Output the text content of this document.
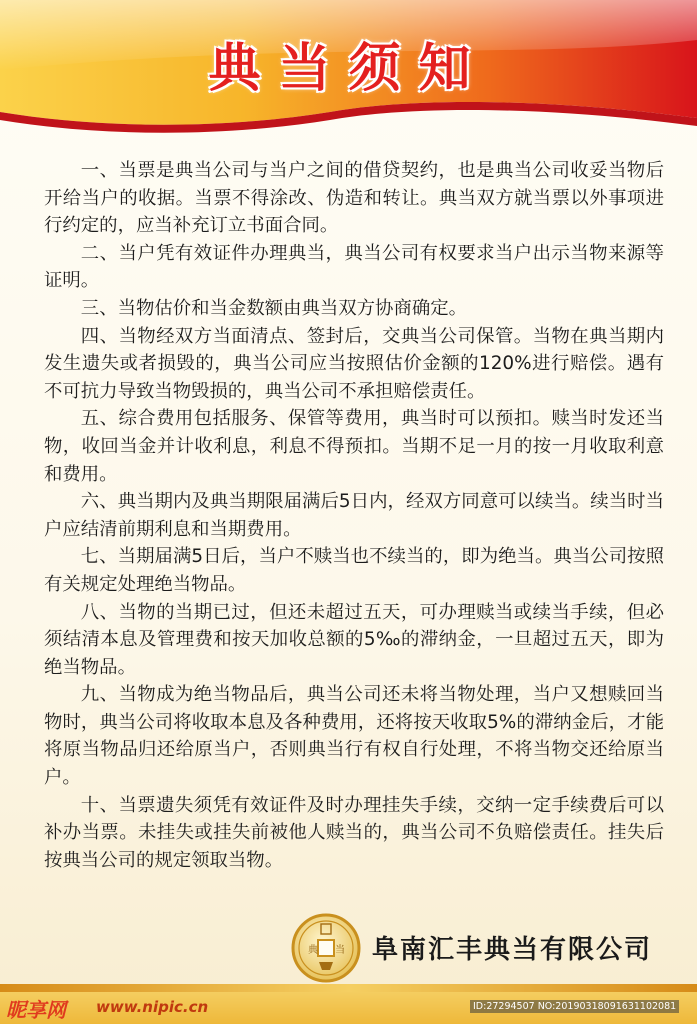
典当须知

一、当票是典当公司与当户之间的借贷契约，也是典当公司收妥当物后开给当户的收据。当票不得涂改、伪造和转让。典当双方就当票以外事项进行约定的，应当补充订立书面合同。

二、当户凭有效证件办理典当，典当公司有权要求当户出示当物来源等证明。

三、当物估价和当金数额由典当双方协商确定。

四、当物经双方当面清点、签封后，交典当公司保管。当物在典当期内发生遗失或者损毁的，典当公司应当按照估价金额的120%进行赔偿。遇有不可抗力导致当物毁损的，典当公司不承担赔偿责任。

五、综合费用包括服务、保管等费用，典当时可以预扣。赎当时发还当物，收回当金并计收利息，利息不得预扣。当期不足一月的按一月收取利意和费用。

六、典当期内及典当期限届满后5日内，经双方同意可以续当。续当时当户应结清前期利息和当期费用。

七、当期届满5日后，当户不赎当也不续当的，即为绝当。典当公司按照有关规定处理绝当物品。

八、当物的当期已过，但还未超过五天，可办理赎当或续当手续，但必须结清本息及管理费和按天加收总额的5‰的滞纳金，一旦超过五天，即为绝当物品。

九、当物成为绝当物品后，典当公司还未将当物处理，当户又想赎回当物时，典当公司将收取本息及各种费用，还将按天收取5%的滞纳金后，才能将原当物品归还给原当户，否则典当行有权自行处理，不将当物交还给原当户。

十、当票遗失须凭有效证件及时办理挂失手续，交纳一定手续费后可以补办当票。未挂失或挂失前被他人赎当的，典当公司不负赔偿责任。挂失后按典当公司的规定领取当物。

典 当 阜南汇丰典当有限公司
昵享网 www.nipic.cn	ID:27294507 NO:20190318091631102081
